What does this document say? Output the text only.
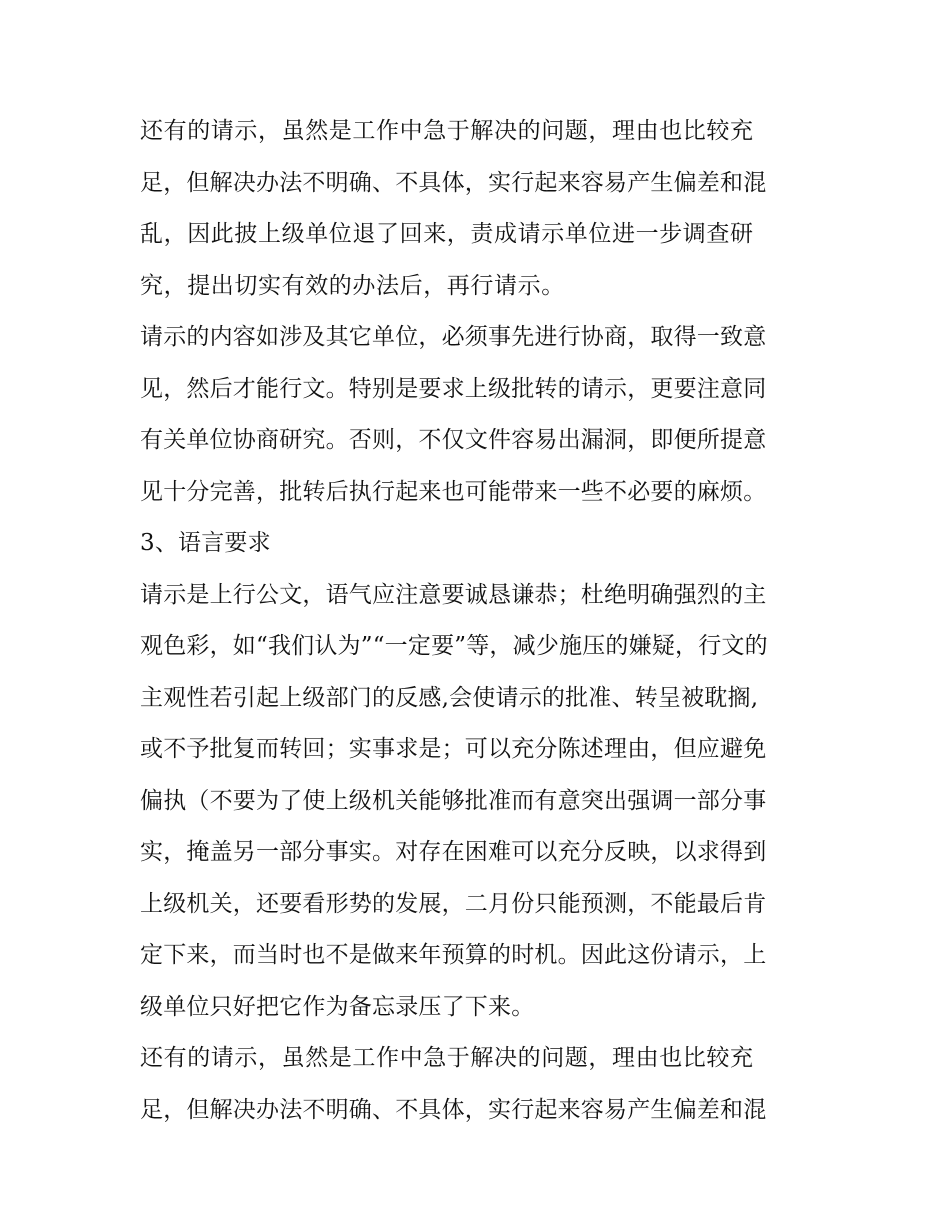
还有的请示，虽然是工作中急于解决的问题，理由也比较充
足，但解决办法不明确、不具体，实行起来容易产生偏差和混
乱，因此披上级单位退了回来，责成请示单位进一步调查研
究，提出切实有效的办法后，再行请示。
请示的内容如涉及其它单位，必须事先进行协商，取得一致意
见，然后才能行文。特别是要求上级批转的请示，更要注意同
有关单位协商研究。否则，不仅文件容易出漏洞，即便所提意
见十分完善，批转后执行起来也可能带来一些不必要的麻烦。
3、语言要求
请示是上行公文，语气应注意要诚恳谦恭；杜绝明确强烈的主
观色彩，如“我们认为”“一定要”等，减少施压的嫌疑，行文的
主观性若引起上级部门的反感,会使请示的批准、转呈被耽搁,
或不予批复而转回；实事求是；可以充分陈述理由，但应避免
偏执（不要为了使上级机关能够批准而有意突出强调一部分事
实，掩盖另一部分事实。对存在困难可以充分反映，以求得到
上级机关，还要看形势的发展，二月份只能预测，不能最后肯
定下来，而当时也不是做来年预算的时机。因此这份请示，上
级单位只好把它作为备忘录压了下来。
还有的请示，虽然是工作中急于解决的问题，理由也比较充
足，但解决办法不明确、不具体，实行起来容易产生偏差和混
